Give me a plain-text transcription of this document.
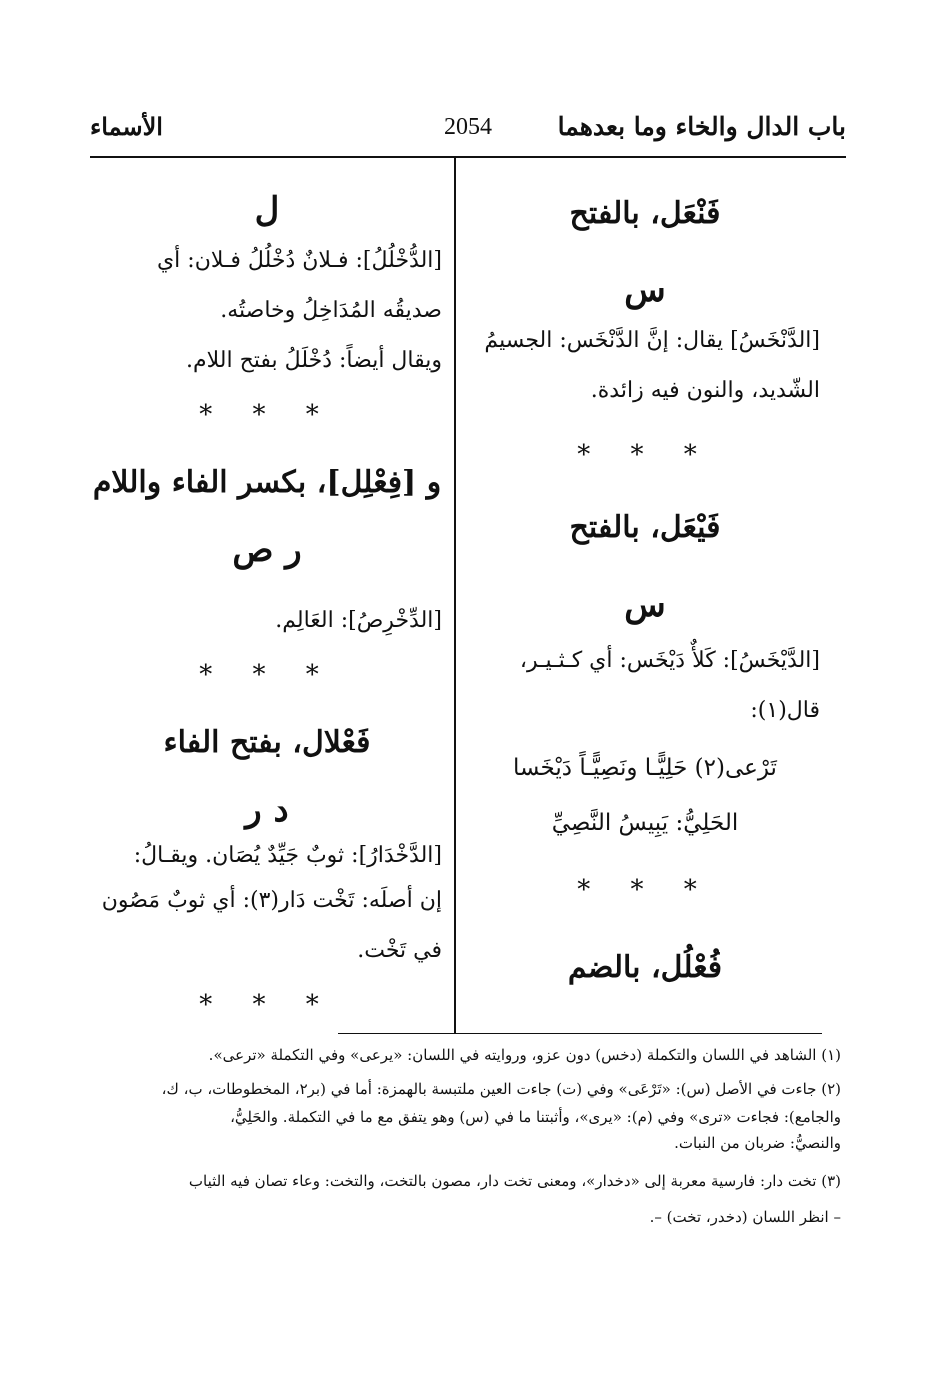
باب الدال والخاء وما بعدهما
2054
الأسماء
فَنْعَل، بالفتح
س
[الدَّنْخَسُ] يقال: إنَّ الدَّنْخَس: الجسيمُ
الشّديد، والنون فيه زائدة.
* * *
فَيْعَل، بالفتح
س
[الدَّيْخَسُ]: كَلأٌ دَيْخَس: أي كـثـيـر،
قال(١):
تَرْعى(٢) حَلِيًّـا ونَصِيًّـاً دَيْخَسا
الحَلِيُّ: يَبِيسُ النَّصِيِّ
* * *
فُعْلُل، بالضم
ل
[الدُّخْلُلُ]: فـلانٌ دُخْلُلُ فـلان: أي
صديقُه المُدَاخِلُ وخاصتُه.
ويقال أيضاً: دُخْلَلُ بفتح اللام.
* * *
و [فِعْلِل]، بكسر الفاء واللام
ر ص
[الدِّخْرِصُ]: العَالِم.
* * *
فَعْلال، بفتح الفاء
د ر
[الدَّخْدَارُ]: ثوبٌ جَيِّدٌ يُصَان. ويقـالُ:
إن أصلَه: تَخْت دَار(٣): أي ثوبٌ مَصُون
في تَخْت.
* * *
(١) الشاهد في اللسان والتكملة (دخس) دون عزو، وروايته في اللسان: «يرعى» وفي التكملة «ترعى».
(٢) جاءت في الأصل (س): «تَرْعَى» وفي (ت) جاءت العين ملتبسة بالهمزة: أما في (بر٢، المخطوطات، ب، ك،
والجامع): فجاءت «ترى» وفي (م): «يرى»، وأثبتنا ما في (س) وهو يتفق مع ما في التكملة. والحَلِيُّ،
والنصيُّ: ضربان من النبات.
(٣) تخت دار: فارسية معربة إلى «دخدار»، ومعنى تخت دار، مصون بالتخت، والتخت: وعاء تصان فيه الثياب
– انظر اللسان (دخدر، تخت) –.
